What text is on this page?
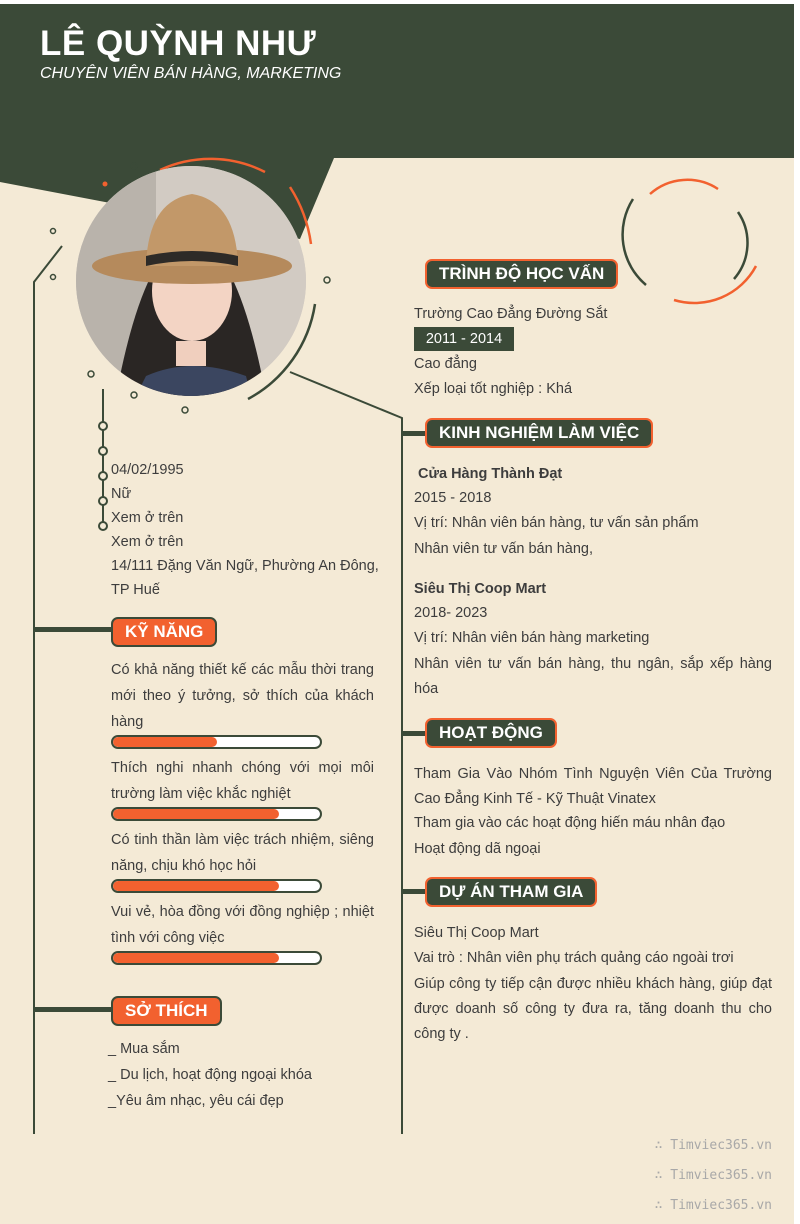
LÊ QUỲNH NHƯ
CHUYÊN VIÊN BÁN HÀNG, MARKETING
04/02/1995
Nữ
Xem ở trên
Xem ở trên
14/111 Đặng Văn Ngữ, Phường An Đông,
TP Huế
KỸ NĂNG
Có khả năng thiết kế các mẫu thời trang mới theo ý tưởng, sở thích của khách hàng
Thích nghi nhanh chóng với mọi môi trường làm việc khắc nghiệt
Có tinh thần làm việc trách nhiệm, siêng năng, chịu khó học hỏi
Vui vẻ, hòa đồng với đồng nghiệp ; nhiệt tình với công việc
SỞ THÍCH
_ Mua sắm
_ Du lịch, hoạt động ngoại khóa
_Yêu âm nhạc, yêu cái đẹp
TRÌNH ĐỘ HỌC VẤN
Trường Cao Đẳng Đường Sắt
2011 - 2014
Cao đẳng
Xếp loại tốt nghiệp : Khá
KINH NGHIỆM LÀM VIỆC
Cửa Hàng Thành Đạt
2015 - 2018
Vị trí: Nhân viên bán hàng, tư vấn sản phẩm
Nhân viên tư vấn bán hàng,
Siêu Thị Coop Mart
2018- 2023
Vị trí: Nhân viên bán hàng marketing
Nhân viên tư vấn bán hàng, thu ngân, sắp xếp hàng hóa
HOẠT ĐỘNG
Tham Gia Vào Nhóm Tình Nguyện Viên Của Trường Cao Đẳng Kinh Tế - Kỹ Thuật Vinatex
Tham gia vào các hoạt động hiến máu nhân đạo
Hoạt động dã ngoại
DỰ ÁN THAM GIA
Siêu Thị Coop Mart
Vai trò : Nhân viên phụ trách quảng cáo ngoài trơi
Giúp công ty tiếp cận được nhiều khách hàng, giúp đạt được doanh số công ty đưa ra, tăng doanh thu cho công ty .
∴ Timviec365.vn
∴ Timviec365.vn
∴ Timviec365.vn
